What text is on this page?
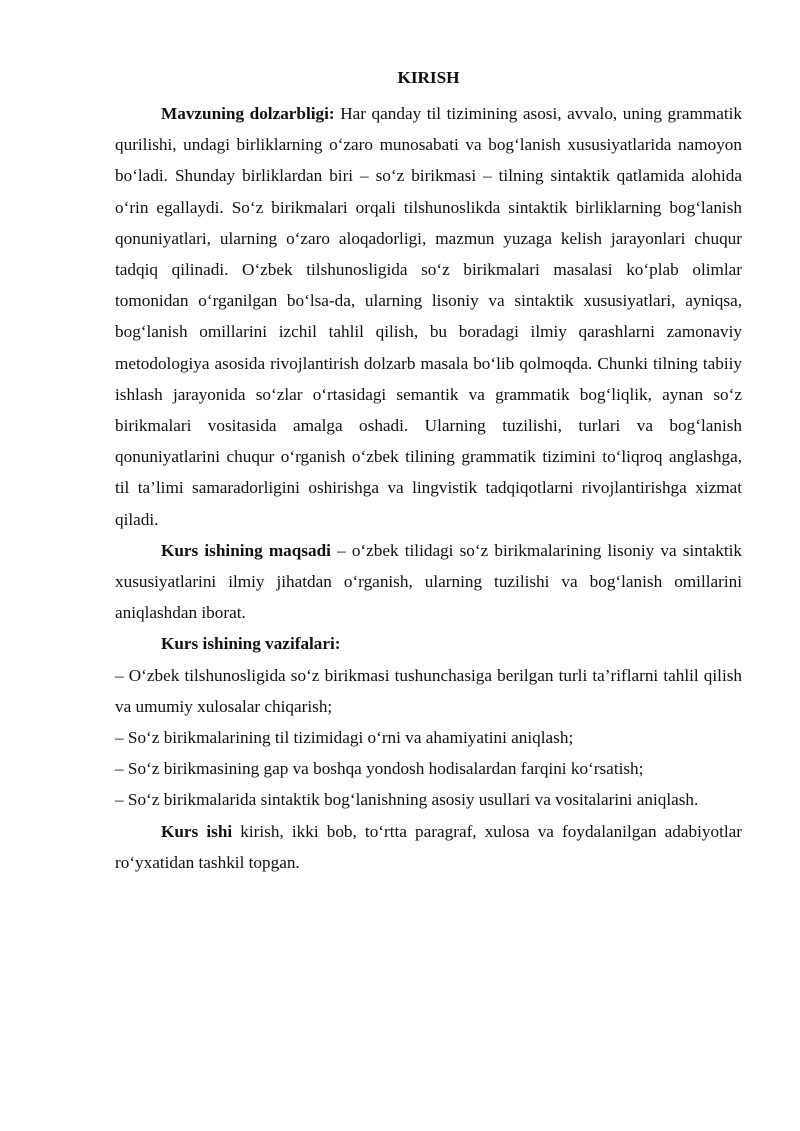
KIRISH

Mavzuning dolzarbligi: Har qanday til tizimining asosi, avvalo, uning grammatik qurilishi, undagi birliklarning o‘zaro munosabati va bog‘lanish xususiyatlarida namoyon bo‘ladi. Shunday birliklardan biri – so‘z birikmasi – tilning sintaktik qatlamida alohida o‘rin egallaydi. So‘z birikmalari orqali tilshunoslikda sintaktik birliklarning bog‘lanish qonuniyatlari, ularning o‘zaro aloqadorligi, mazmun yuzaga kelish jarayonlari chuqur tadqiq qilinadi. O‘zbek tilshunosligida so‘z birikmalari masalasi ko‘plab olimlar tomonidan o‘rganilgan bo‘lsa-da, ularning lisoniy va sintaktik xususiyatlari, ayniqsa, bog‘lanish omillarini izchil tahlil qilish, bu boradagi ilmiy qarashlarni zamonaviy metodologiya asosida rivojlantirish dolzarb masala bo‘lib qolmoqda. Chunki tilning tabiiy ishlash jarayonida so‘zlar o‘rtasidagi semantik va grammatik bog‘liqlik, aynan so‘z birikmalari vositasida amalga oshadi. Ularning tuzilishi, turlari va bog‘lanish qonuniyatlarini chuqur o‘rganish o‘zbek tilining grammatik tizimini to‘liqroq anglashga, til ta’limi samaradorligini oshirishga va lingvistik tadqiqotlarni rivojlantirishga xizmat qiladi.

Kurs ishining maqsadi – o‘zbek tilidagi so‘z birikmalarining lisoniy va sintaktik xususiyatlarini ilmiy jihatdan o‘rganish, ularning tuzilishi va bog‘lanish omillarini aniqlashdan iborat.

Kurs ishining vazifalari:

– O‘zbek tilshunosligida so‘z birikmasi tushunchasiga berilgan turli ta’riflarni tahlil qilish va umumiy xulosalar chiqarish;

– So‘z birikmalarining til tizimidagi o‘rni va ahamiyatini aniqlash;

– So‘z birikmasining gap va boshqa yondosh hodisalardan farqini ko‘rsatish;

– So‘z birikmalarida sintaktik bog‘lanishning asosiy usullari va vositalarini aniqlash.

Kurs ishi kirish, ikki bob, to‘rtta paragraf, xulosa va foydalanilgan adabiyotlar ro‘yxatidan tashkil topgan.
